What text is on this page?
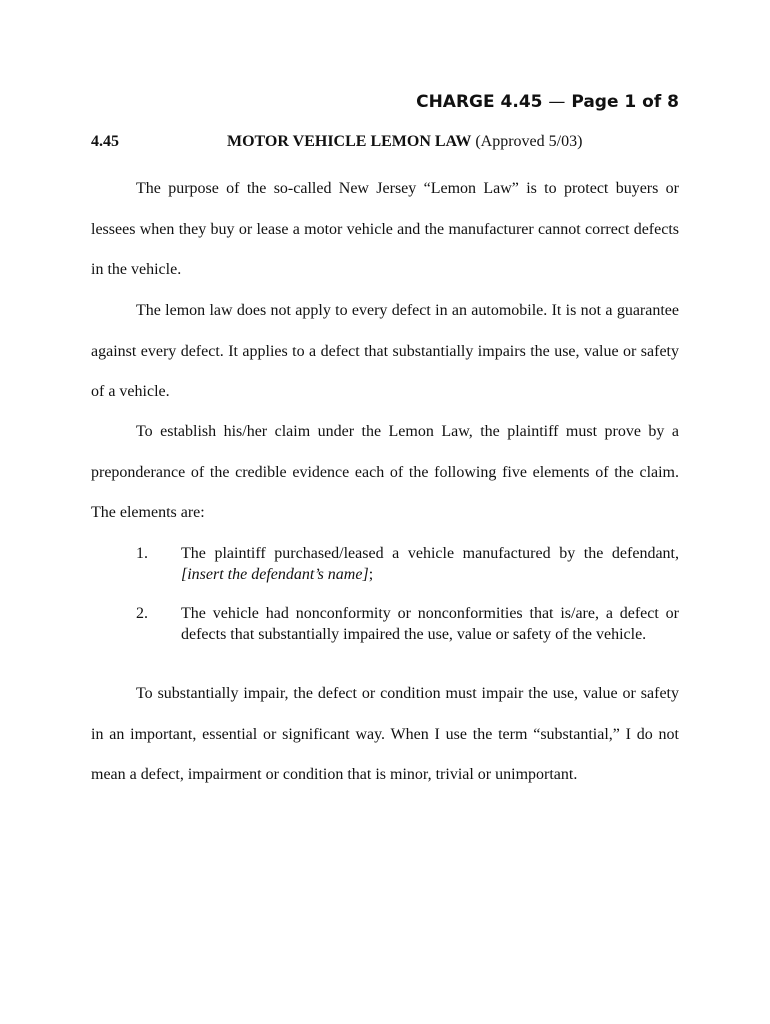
CHARGE 4.45 — Page 1 of 8
4.45	MOTOR VEHICLE LEMON LAW (Approved 5/03)

The purpose of the so-called New Jersey “Lemon Law” is to protect buyers or lessees when they buy or lease a motor vehicle and the manufacturer cannot correct defects in the vehicle.

The lemon law does not apply to every defect in an automobile. It is not a guarantee against every defect. It applies to a defect that substantially impairs the use, value or safety of a vehicle.

To establish his/her claim under the Lemon Law, the plaintiff must prove by a preponderance of the credible evidence each of the following five elements of the claim. The elements are:

1. The plaintiff purchased/leased a vehicle manufactured by the defendant, [insert the defendant’s name];
2. The vehicle had nonconformity or nonconformities that is/are, a defect or defects that substantially impaired the use, value or safety of the vehicle.

To substantially impair, the defect or condition must impair the use, value or safety in an important, essential or significant way. When I use the term “substantial,” I do not mean a defect, impairment or condition that is minor, trivial or unimportant.
